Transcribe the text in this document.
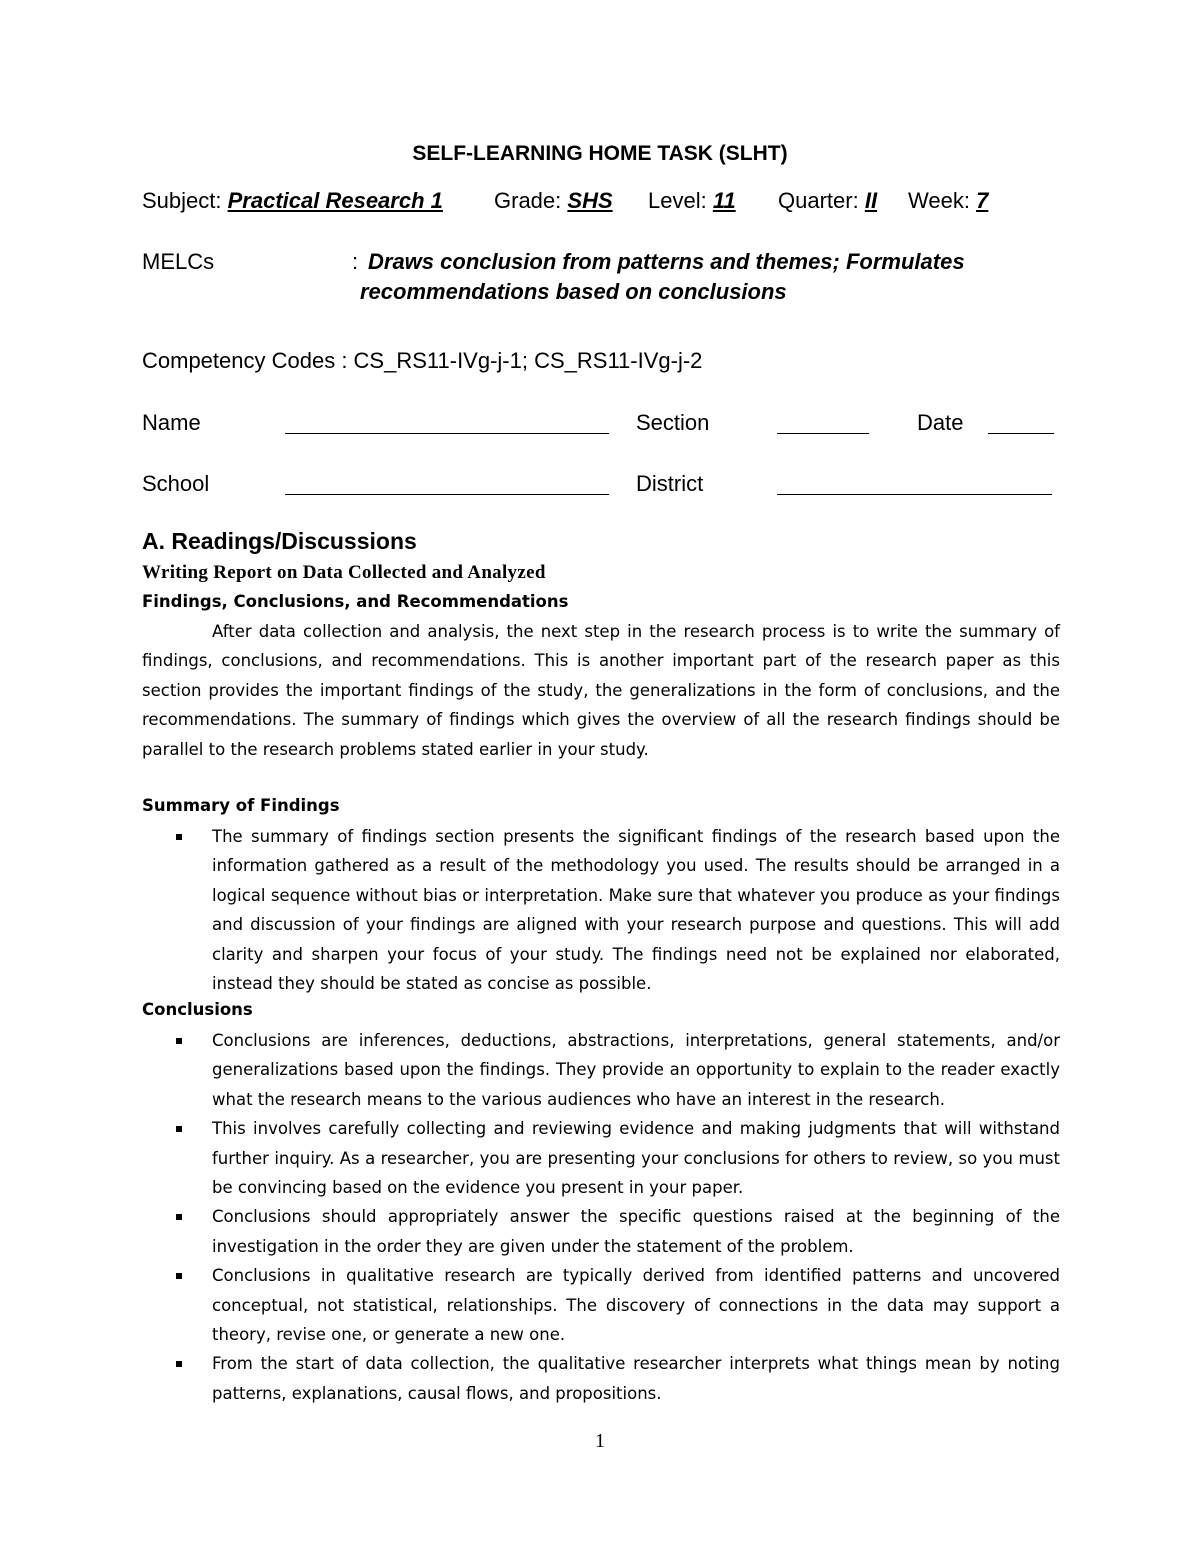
SELF-LEARNING HOME TASK (SLHT)
Subject: Practical Research 1 Grade: SHS Level: 11 Quarter: II Week: 7
MELCs	: Draws conclusion from patterns and themes; Formulates
recommendations based on conclusions
Competency Codes : CS_RS11-IVg-j-1; CS_RS11-IVg-j-2
Name	Section	Date
School	District
A. Readings/Discussions
Writing Report on Data Collected and Analyzed
Findings, Conclusions, and Recommendations

After data collection and analysis, the next step in the research process is to write the summary of findings, conclusions, and recommendations. This is another important part of the research paper as this section provides the important findings of the study, the generalizations in the form of conclusions, and the recommendations. The summary of findings which gives the overview of all the research findings should be parallel to the research problems stated earlier in your study.

Summary of Findings
The summary of findings section presents the significant findings of the research based upon the information gathered as a result of the methodology you used. The results should be arranged in a logical sequence without bias or interpretation. Make sure that whatever you produce as your findings and discussion of your findings are aligned with your research purpose and questions. This will add clarity and sharpen your focus of your study. The findings need not be explained nor elaborated, instead they should be stated as concise as possible.
Conclusions
Conclusions are inferences, deductions, abstractions, interpretations, general statements, and/or generalizations based upon the findings. They provide an opportunity to explain to the reader exactly what the research means to the various audiences who have an interest in the research.
This involves carefully collecting and reviewing evidence and making judgments that will withstand further inquiry. As a researcher, you are presenting your conclusions for others to review, so you must be convincing based on the evidence you present in your paper.
Conclusions should appropriately answer the specific questions raised at the beginning of the investigation in the order they are given under the statement of the problem.
Conclusions in qualitative research are typically derived from identified patterns and uncovered conceptual, not statistical, relationships. The discovery of connections in the data may support a theory, revise one, or generate a new one.
From the start of data collection, the qualitative researcher interprets what things mean by noting patterns, explanations, causal flows, and propositions.
1
